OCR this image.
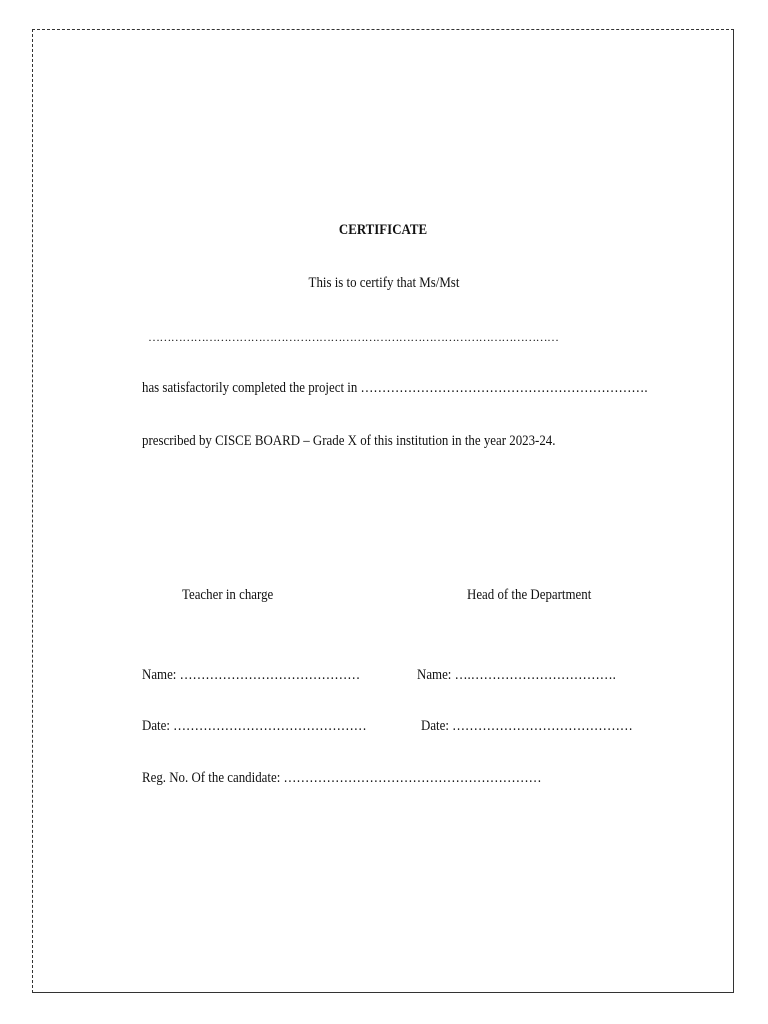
CERTIFICATE
This is to certify that Ms/Mst
………………………………………………………………………………………………
has satisfactorily completed the project in ………………………………………………………….
prescribed by CISCE BOARD – Grade X of this institution in the year 2023-24.
Teacher in charge	Head of the Department
Name: ……………………………………	Name: ….…………………………….
Date: ………………………………………	Date: ……………………………………
Reg. No. Of the candidate: ……………………………………………………
